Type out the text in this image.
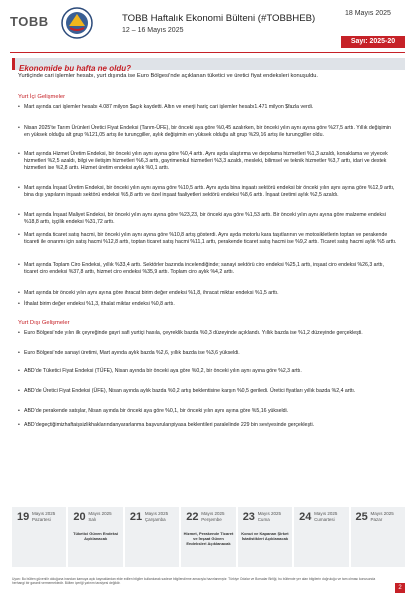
TOBB	TOBB Haftalık Ekonomi Bülteni (#TOBBHEB)
12 – 16 Mayıs 2025
18 Mayıs 2025
Sayı: 2025-20
Ekonomide bu hafta ne oldu?
Yurtiçinde cari işlemler hesabı, yurt dışında ise Euro Bölgesi’nde açıklanan tüketici ve üretici fiyat endeksleri konuşuldu.
Yurt İçi Gelişmeler
• Mart ayında cari işlemler hesabı 4.087 milyon $açık kaydetti. Altın ve enerji hariç cari işlemler hesabı1.471 milyon $fazla verdi.
• Nisan 2025’te Tarım Ürünleri Üretici Fiyat Endeksi (Tarım-ÜFE), bir önceki aya göre %0,45 azalırken, bir önceki yılın aynı ayına göre %27,5 arttı. Yıllık değişimin en yüksek olduğu alt grup %121,05 artış ile turunçgiller, aylık değişimin en yüksek olduğu alt grup %29,16 artış ile turunçgiller oldu.
• Mart ayında Hizmet Üretim Endeksi, bir önceki yılın aynı ayına göre %0,4 arttı. Aynı ayda ulaştırma ve depolama hizmetleri %1,3 azaldı, konaklama ve yiyecek hizmetleri %2,5 azaldı, bilgi ve iletişim hizmetleri %6,3 arttı, gayrimenkul hizmetleri %3,3 azaldı, mesleki, bilimsel ve teknik hizmetler %3,7 arttı, idari ve destek hizmetleri ise %2,8 arttı. Hizmet üretim endeksi aylık %0,1 arttı.
• Mart ayında İnşaat Üretim Endeksi, bir önceki yılın aynı ayına göre %10,5 arttı. Aynı ayda bina inşaatı sektörü endeksi bir önceki yılın aynı ayına göre %12,9 arttı, bina dışı yapıların inşaatı sektörü endeksi %5,8 arttı ve özel inşaat faaliyetleri sektörü endeksi %8,6 arttı. İnşaat üretimi aylık %2,5 azaldı.
• Mart ayında İnşaat Maliyet Endeksi, bir önceki yılın aynı ayına göre %23,23, bir önceki aya göre %1,53 arttı. Bir önceki yılın aynı ayına göre malzeme endeksi %18,8 arttı, işçilik endeksi %31,72 arttı.
• Mart ayında ticaret satış hacmi, bir önceki yılın aynı ayına göre %10,8 artış gösterdi. Aynı ayda motorlu kara taşıtlarının ve motosikletlerin toptan ve perakende ticareti ile onarımı için satış hacmi %12,8 arttı, toptan ticaret satış hacmi %11,1 arttı, perakende ticaret satış hacmi ise %9,2 arttı. Ticaret satış hacmi aylık %5 arttı.
• Mart ayında Toplam Ciro Endeksi, yıllık %33,4 arttı. Sektörler bazında incelendiğinde; sanayi sektörü ciro endeksi %25,1 arttı, inşaat ciro endeksi %26,3 arttı, ticaret ciro endeksi %37,8 arttı, hizmet ciro endeksi %35,9 arttı. Toplam ciro aylık %4,2 arttı.
• Mart ayında bir önceki yılın aynı ayına göre ihracat birim değer endeksi %1,8, ihracat miktar endeksi %1,5 arttı.
• İthalat birim değer endeksi %1,3, ithalat miktar endeksi %0,8 arttı.
Yurt Dışı Gelişmeler
• Euro Bölgesi’nde yılın ilk çeyreğinde gayri safi yurtiçi hasıla, çeyreklik bazda %0,3 düzeyinde açıklandı. Yıllık bazda ise %1,2 düzeyinde gerçekleşti.
• Euro Bölgesi’nde sanayi üretimi, Mart ayında aylık bazda %2,6, yıllık bazda ise %3,6 yükseldi.
• ABD’de Tüketici Fiyat Endeksi (TÜFE), Nisan ayında bir önceki aya göre %0,2, bir önceki yılın aynı ayına göre %2,3 arttı.
• ABD’de Üretici Fiyat Endeksi (ÜFE), Nisan ayında aylık bazda %0,2 artış beklentisine karşın %0,5 geriledi. Üretici fiyatları yıllık bazda %2,4 arttı.
• ABD’de perakende satışlar, Nisan ayında bir önceki aya göre %0,1, bir önceki yılın aynı ayına göre %5,16 yükseldi.
• ABD’degeçtiğimizhaftaişsizlikhaklarındanyararlanma başvurularıpiyasa beklentileri paralelinde 229 bin seviyesinde gerçekleşti.
19 Mayıs 2025
Pazartesi 20 Mayıs 2025
Salı
Tüketici Güven Endeksi Açıklanacak
21 Mayıs 2025
Çarşamba 22 Mayıs 2025
Perşembe
Hizmet, Perakende Ticaret ve İnşaat Güven Endeksleri Açıklanacak
23 Mayıs 2025
Cuma
Konut ve Kapanan Şirket İstatistikleri Açıklanacak
24 Mayıs 2025
Cumartesi 25 Mayıs 2025
Pazar
Uyarı: Bu bülten güvenilir olduğuna inanılan kamuya açık kaynaklardan elde edilen bilgiler kullanılarak sadece bilgilendirme amacıyla hazırlanmıştır. Türkiye Odalar ve Borsalar Birliği, bu bültende yer alan bilgilerin doğruluğu ve tam olması konusunda herhangi bir garanti vermemektedir. Bülten içeriği yatırım tavsiyesi değildir.
2
